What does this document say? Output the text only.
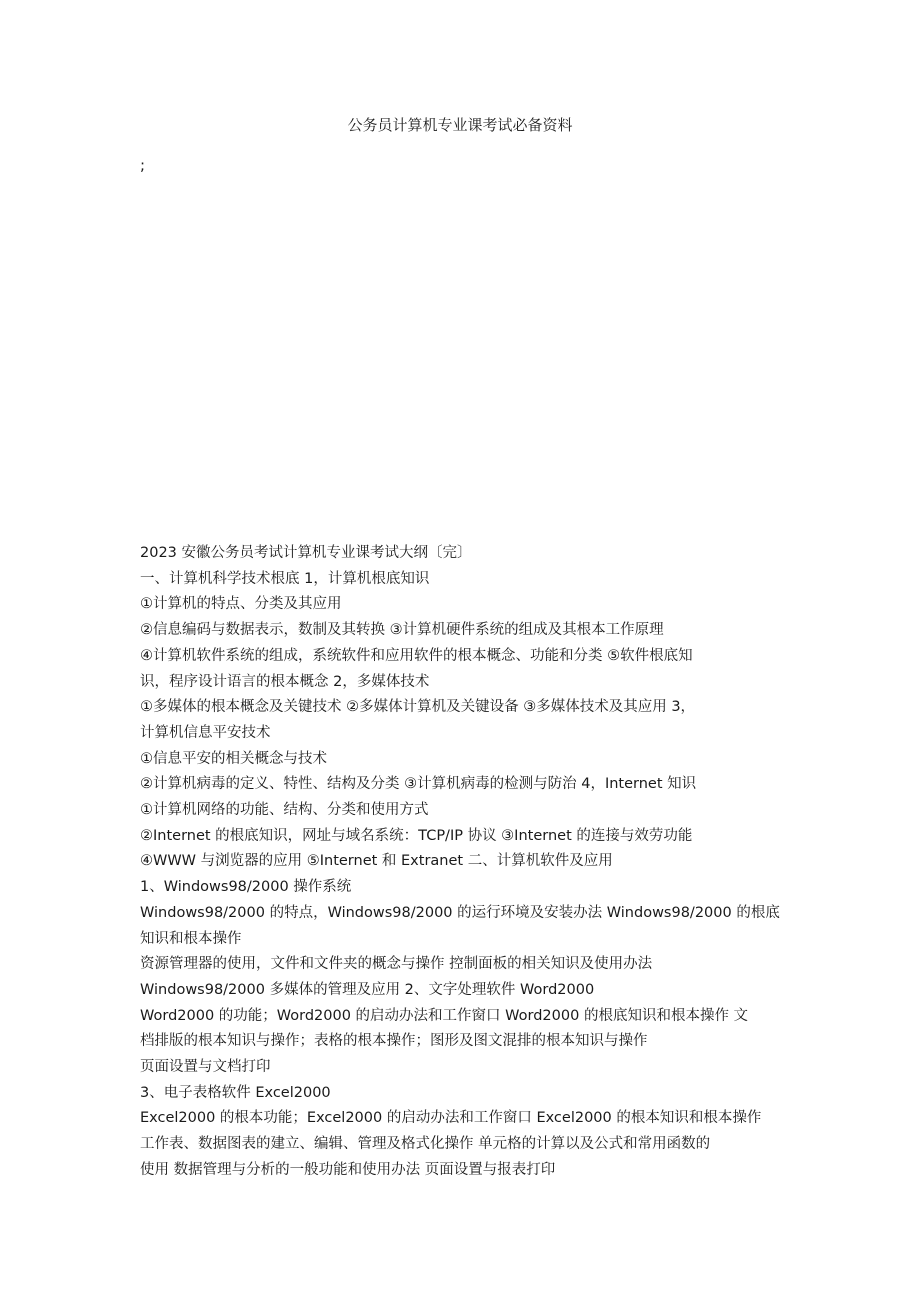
公务员计算机专业课考试必备资料
;

2023 安徽公务员考试计算机专业课考试大纲〔完〕

一、计算机科学技术根底 1，计算机根底知识

①计算机的特点、分类及其应用

②信息编码与数据表示，数制及其转换 ③计算机硬件系统的组成及其根本工作原理

④计算机软件系统的组成，系统软件和应用软件的根本概念、功能和分类 ⑤软件根底知

识，程序设计语言的根本概念 2，多媒体技术

①多媒体的根本概念及关键技术 ②多媒体计算机及关键设备 ③多媒体技术及其应用 3，

计算机信息平安技术

①信息平安的相关概念与技术

②计算机病毒的定义、特性、结构及分类 ③计算机病毒的检测与防治 4，Internet 知识

①计算机网络的功能、结构、分类和使用方式

②Internet 的根底知识，网址与域名系统：TCP/IP 协议 ③Internet 的连接与效劳功能

④WWW 与浏览器的应用 ⑤Internet 和 Extranet 二、计算机软件及应用

1、Windows98/2000 操作系统

Windows98/2000 的特点，Windows98/2000 的运行环境及安装办法 Windows98/2000 的根底

知识和根本操作

资源管理器的使用，文件和文件夹的概念与操作 控制面板的相关知识及使用办法

Windows98/2000 多媒体的管理及应用 2、文字处理软件 Word2000

Word2000 的功能；Word2000 的启动办法和工作窗口 Word2000 的根底知识和根本操作 文

档排版的根本知识与操作；表格的根本操作；图形及图文混排的根本知识与操作

页面设置与文档打印

3、电子表格软件 Excel2000

Excel2000 的根本功能；Excel2000 的启动办法和工作窗口 Excel2000 的根本知识和根本操作

工作表、数据图表的建立、编辑、管理及格式化操作 单元格的计算以及公式和常用函数的

使用 数据管理与分析的一般功能和使用办法 页面设置与报表打印
